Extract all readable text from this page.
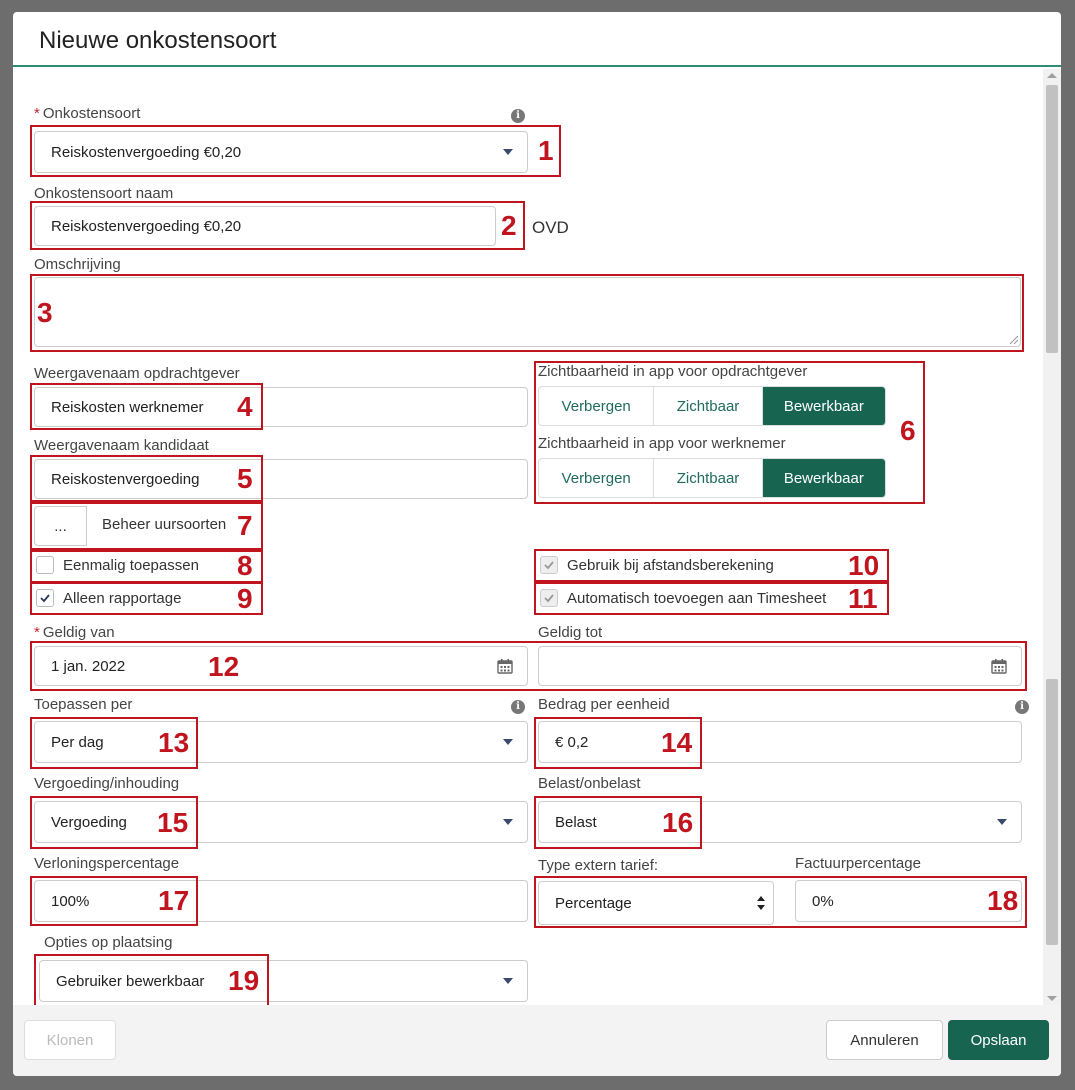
Nieuwe onkostensoort
* Onkostensoort	i
Reiskostenvergoeding €0,20
Onkostensoort naam
Reiskostenvergoeding €0,20	OVD
Omschrijving
Weergavenaam opdrachtgever
Reiskosten werknemer
Zichtbaarheid in app voor opdrachtgever
Verbergen	Zichtbaar	Bewerkbaar
Weergavenaam kandidaat
Reiskostenvergoeding
Zichtbaarheid in app voor werknemer
Verbergen	Zichtbaar	Bewerkbaar
...	Beheer uursoorten
Eenmalig toepassen
Alleen rapportage
Gebruik bij afstandsberekening
Automatisch toevoegen aan Timesheet
* Geldig van
1 jan. 2022
Geldig tot
Toepassen per	i
Per dag
Bedrag per eenheid	i
€ 0,2
Vergoeding/inhouding
Vergoeding
Belast/onbelast
Belast
Verloningspercentage
100%
Type extern tarief:
Percentage
Factuurpercentage
0%
Opties op plaatsing
Gebruiker bewerkbaar
1
2
3
4
5
6
7
8
9
10
11
12
13	14
15	16
17	18
19
Klonen	Annuleren	Opslaan
